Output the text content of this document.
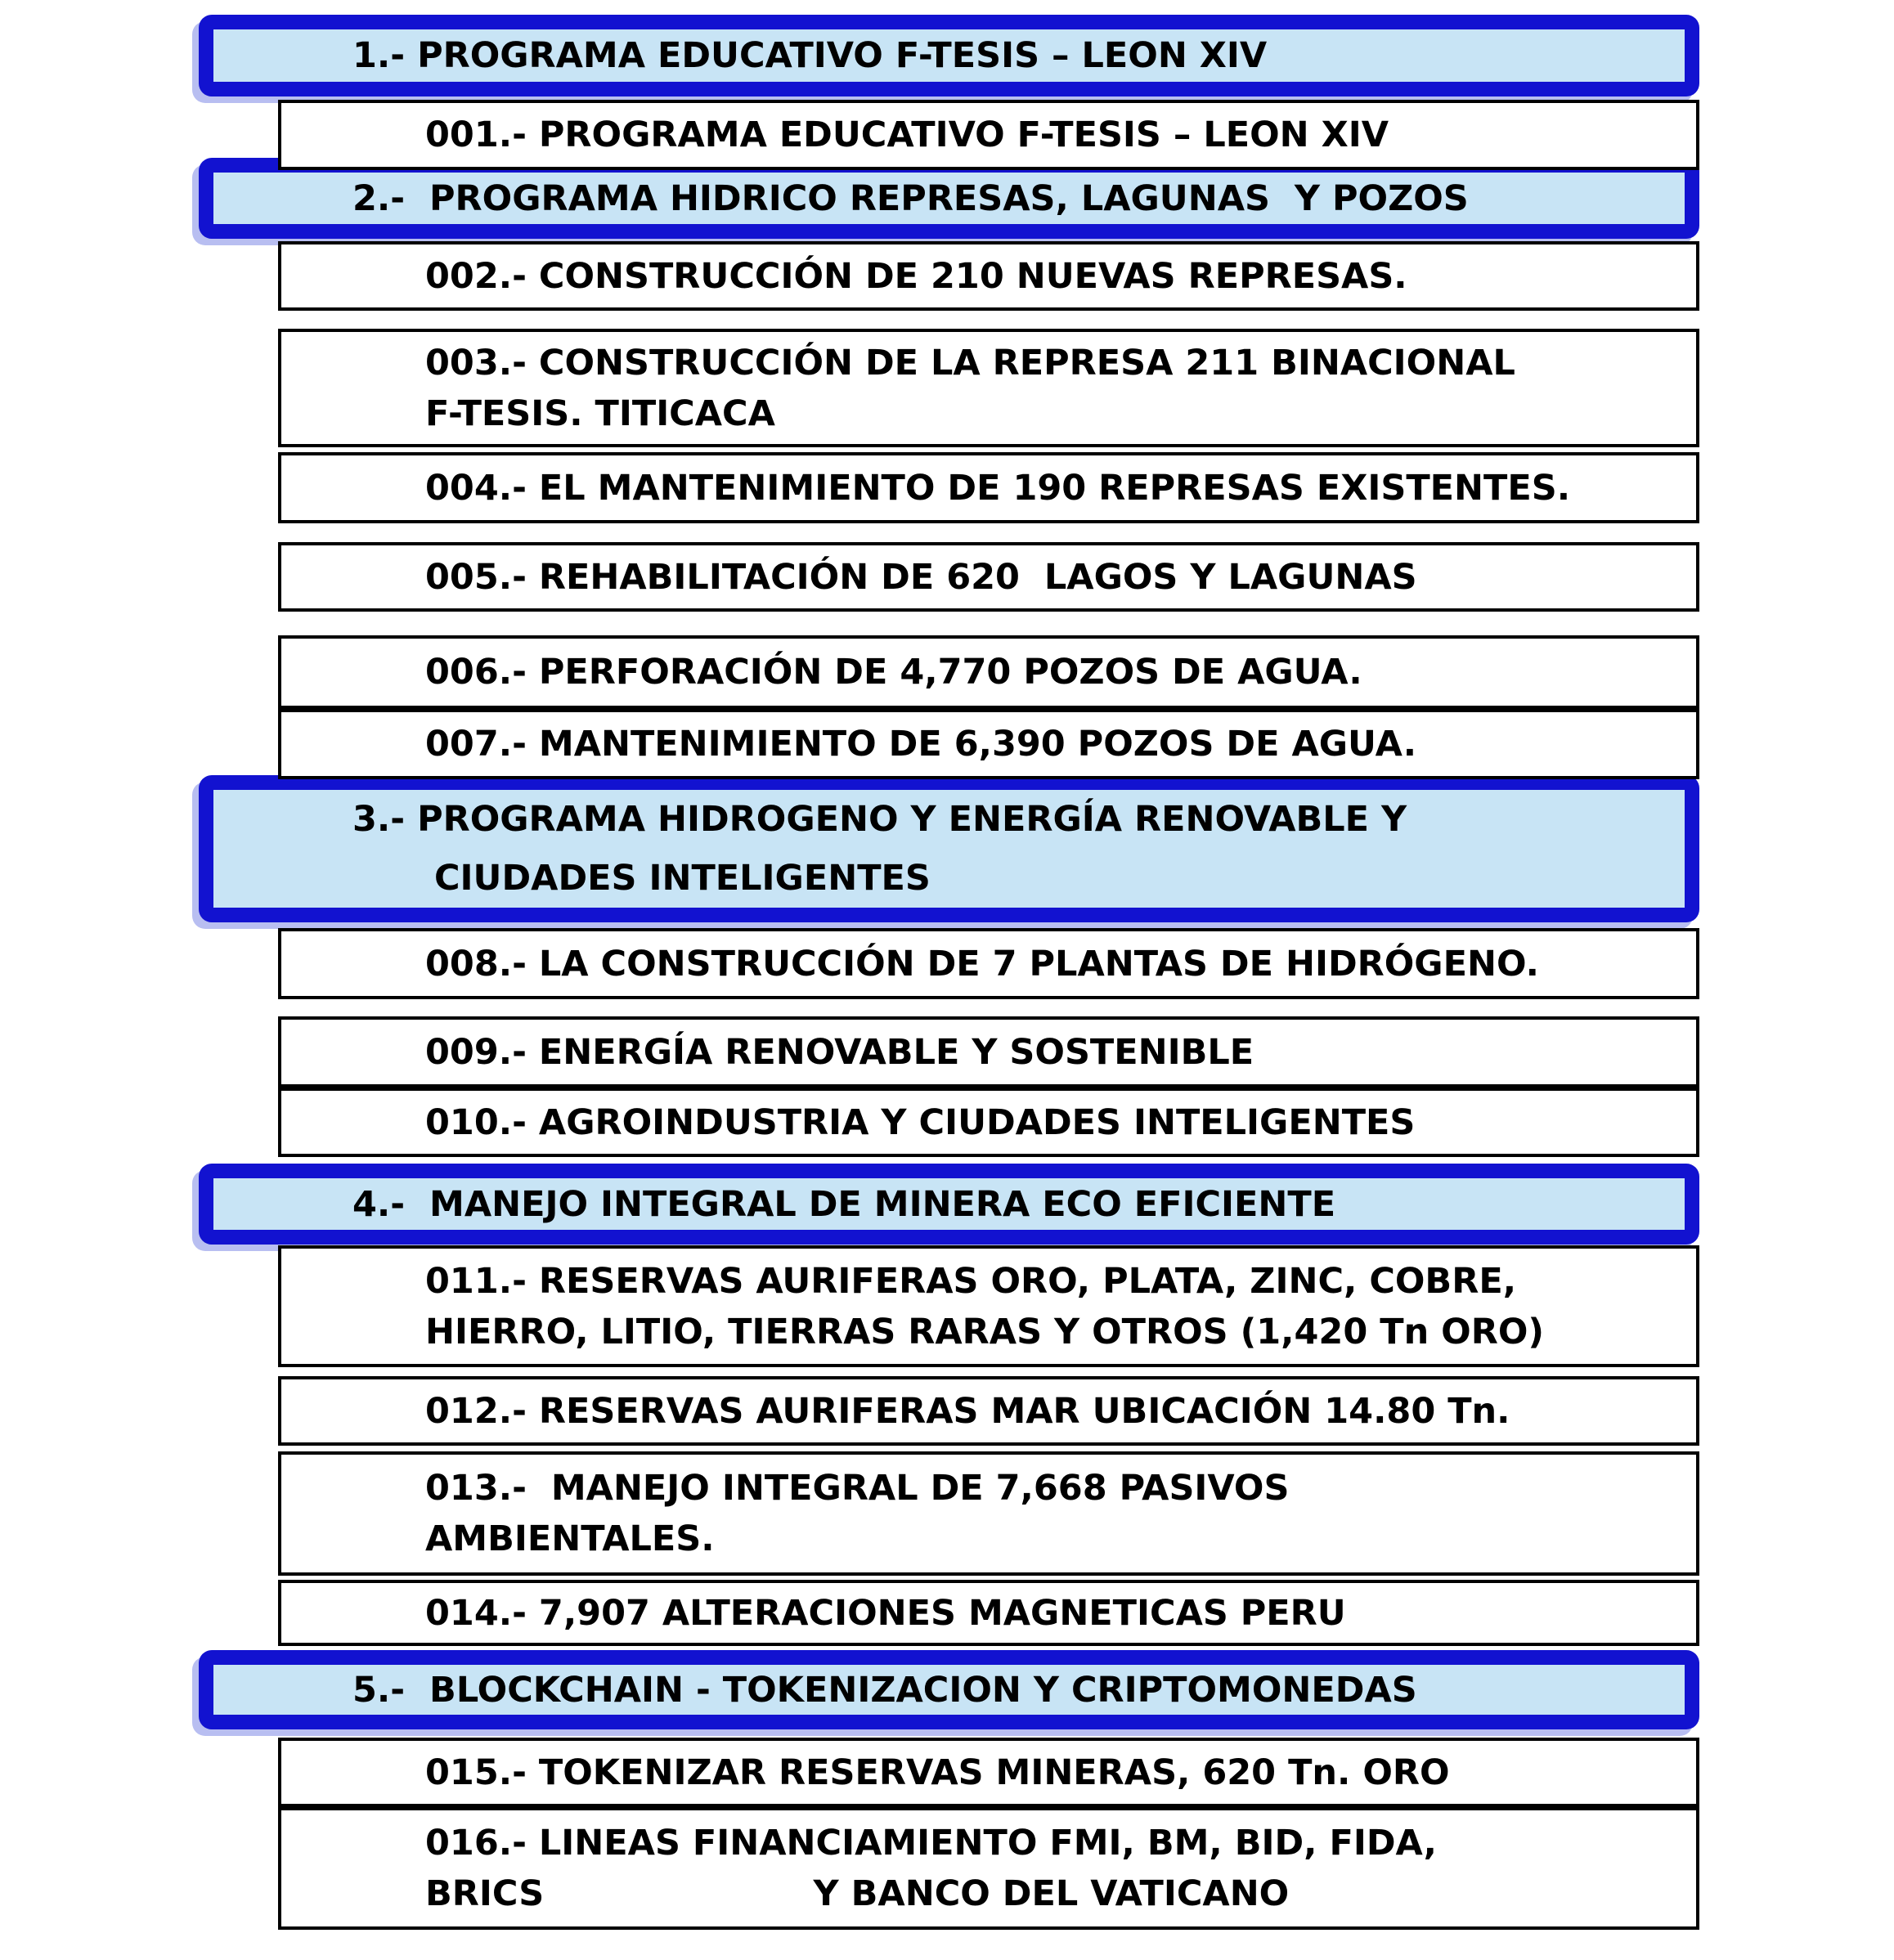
1.- PROGRAMA EDUCATIVO F-TESIS – LEON XIV
001.- PROGRAMA EDUCATIVO F-TESIS – LEON XIV
2.-  PROGRAMA HIDRICO REPRESAS, LAGUNAS  Y POZOS
002.- CONSTRUCCIÓN DE 210 NUEVAS REPRESAS.
003.- CONSTRUCCIÓN DE LA REPRESA 211 BINACIONAL
F-TESIS. TITICACA
004.- EL MANTENIMIENTO DE 190 REPRESAS EXISTENTES.
005.- REHABILITACIÓN DE 620  LAGOS Y LAGUNAS
006.- PERFORACIÓN DE 4,770 POZOS DE AGUA.
007.- MANTENIMIENTO DE 6,390 POZOS DE AGUA.
3.- PROGRAMA HIDROGENO Y ENERGÍA RENOVABLE Y
CIUDADES INTELIGENTES
008.- LA CONSTRUCCIÓN DE 7 PLANTAS DE HIDRÓGENO.
009.- ENERGÍA RENOVABLE Y SOSTENIBLE
010.- AGROINDUSTRIA Y CIUDADES INTELIGENTES
4.-  MANEJO INTEGRAL DE MINERA ECO EFICIENTE
011.- RESERVAS AURIFERAS ORO, PLATA, ZINC, COBRE,
HIERRO, LITIO, TIERRAS RARAS Y OTROS (1,420 Tn ORO)
012.- RESERVAS AURIFERAS MAR UBICACIÓN 14.80 Tn.
013.-  MANEJO INTEGRAL DE 7,668 PASIVOS
AMBIENTALES.
014.- 7,907 ALTERACIONES MAGNETICAS PERU
5.-  BLOCKCHAIN - TOKENIZACION Y CRIPTOMONEDAS
015.- TOKENIZAR RESERVAS MINERAS, 620 Tn. ORO
016.- LINEAS FINANCIAMIENTO FMI, BM, BID, FIDA,
BRICS                      Y BANCO DEL VATICANO
